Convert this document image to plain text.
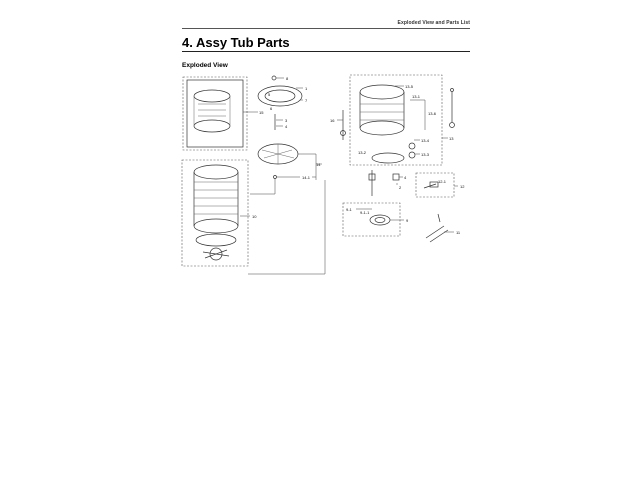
Exploded View and Parts List
4. Assy Tub Parts
Exploded View
15
10
8
1
7
5
6
3
4
14
14-1
13-5
13-1
13-6
13-4
13-3
13-2
13
16
4
2
12-1
12
9-1
9-1-1
9
11
